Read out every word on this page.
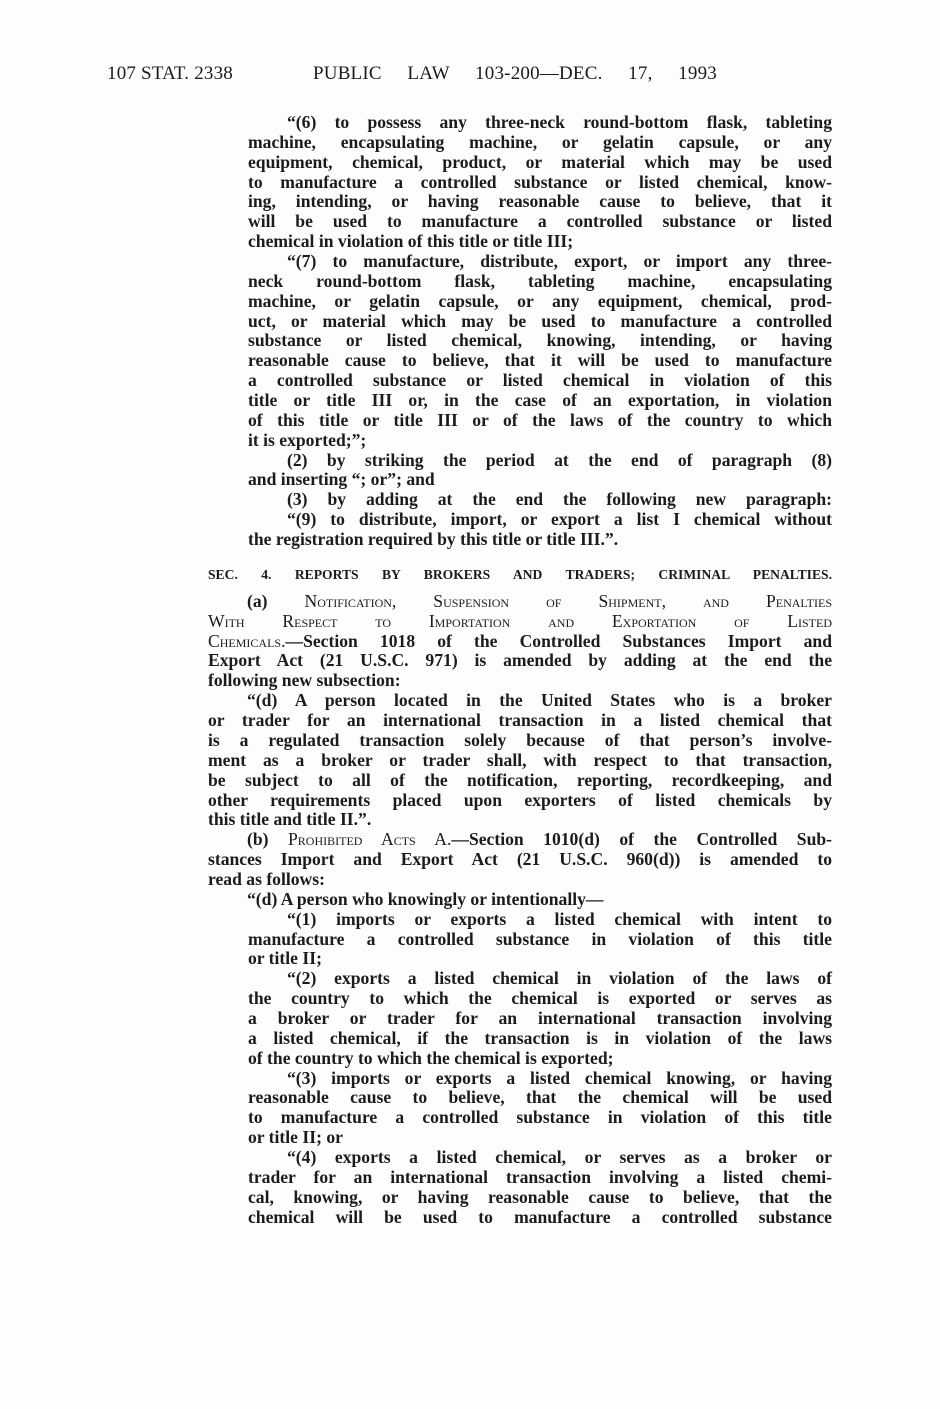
107 STAT. 2338	PUBLIC LAW 103-200—DEC. 17, 1993
“(6) to possess any three-neck round-bottom flask, tableting
machine, encapsulating machine, or gelatin capsule, or any
equipment, chemical, product, or material which may be used
to manufacture a controlled substance or listed chemical, know-
ing, intending, or having reasonable cause to believe, that it
will be used to manufacture a controlled substance or listed
chemical in violation of this title or title III;
“(7) to manufacture, distribute, export, or import any three-
neck round-bottom flask, tableting machine, encapsulating
machine, or gelatin capsule, or any equipment, chemical, prod-
uct, or material which may be used to manufacture a controlled
substance or listed chemical, knowing, intending, or having
reasonable cause to believe, that it will be used to manufacture
a controlled substance or listed chemical in violation of this
title or title III or, in the case of an exportation, in violation
of this title or title III or of the laws of the country to which
it is exported;”;
(2) by striking the period at the end of paragraph (8)
and inserting “; or”; and
(3) by adding at the end the following new paragraph:
“(9) to distribute, import, or export a list I chemical without
the registration required by this title or title III.”.
SEC. 4. REPORTS BY BROKERS AND TRADERS; CRIMINAL PENALTIES.
(a) Notification, Suspension of Shipment, and Penalties
With Respect to Importation and Exportation of Listed
Chemicals.—Section 1018 of the Controlled Substances Import and
Export Act (21 U.S.C. 971) is amended by adding at the end the
following new subsection:
“(d) A person located in the United States who is a broker
or trader for an international transaction in a listed chemical that
is a regulated transaction solely because of that person’s involve-
ment as a broker or trader shall, with respect to that transaction,
be subject to all of the notification, reporting, recordkeeping, and
other requirements placed upon exporters of listed chemicals by
this title and title II.”.
(b) Prohibited Acts A.—Section 1010(d) of the Controlled Sub-
stances Import and Export Act (21 U.S.C. 960(d)) is amended to
read as follows:
“(d) A person who knowingly or intentionally—
“(1) imports or exports a listed chemical with intent to
manufacture a controlled substance in violation of this title
or title II;
“(2) exports a listed chemical in violation of the laws of
the country to which the chemical is exported or serves as
a broker or trader for an international transaction involving
a listed chemical, if the transaction is in violation of the laws
of the country to which the chemical is exported;
“(3) imports or exports a listed chemical knowing, or having
reasonable cause to believe, that the chemical will be used
to manufacture a controlled substance in violation of this title
or title II; or
“(4) exports a listed chemical, or serves as a broker or
trader for an international transaction involving a listed chemi-
cal, knowing, or having reasonable cause to believe, that the
chemical will be used to manufacture a controlled substance
